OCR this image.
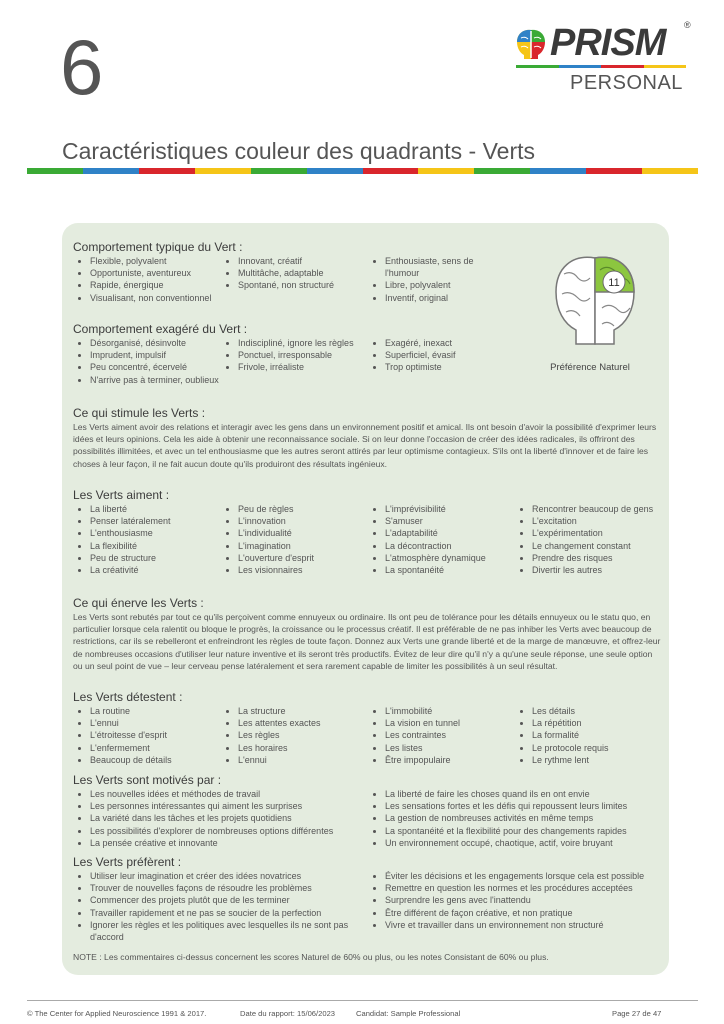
6	PRISM ®
PERSONAL
Caractéristiques couleur des quadrants - Verts
Comportement typique du Vert :
• Flexible, polyvalent
• Opportuniste, aventureux
• Rapide, énergique
• Visualisant, non conventionnel
• Innovant, créatif
• Multitâche, adaptable
• Spontané, non structuré
• Enthousiaste, sens de l'humour
• Libre, polyvalent
• Inventif, original
11
Préférence Naturel
Comportement exagéré du Vert :
• Désorganisé, désinvolte
• Imprudent, impulsif
• Peu concentré, écervelé
• N'arrive pas à terminer, oublieux
• Indiscipliné, ignore les règles
• Ponctuel, irresponsable
• Frivole, irréaliste
• Exagéré, inexact
• Superficiel, évasif
• Trop optimiste
Ce qui stimule les Verts :

Les Verts aiment avoir des relations et interagir avec les gens dans un environnement positif et amical. Ils ont besoin d'avoir la possibilité d'exprimer leurs idées et leurs opinions. Cela les aide à obtenir une reconnaissance sociale. Si on leur donne l'occasion de créer des idées radicales, ils offriront des possibilités illimitées, et avec un tel enthousiasme que les autres seront attirés par leur optimisme contagieux. S'ils ont la liberté d'innover et de faire les choses à leur façon, il ne fait aucun doute qu'ils produiront des résultats ingénieux.

Les Verts aiment :
• La liberté
• Penser latéralement
• L'enthousiasme
• La flexibilité
• Peu de structure
• La créativité
• Peu de règles
• L'innovation
• L'individualité
• L'imagination
• L'ouverture d'esprit
• Les visionnaires
• L'imprévisibilité
• S'amuser
• L'adaptabilité
• La décontraction
• L'atmosphère dynamique
• La spontanéité
• Rencontrer beaucoup de gens
• L'excitation
• L'expérimentation
• Le changement constant
• Prendre des risques
• Divertir les autres
Ce qui énerve les Verts :

Les Verts sont rebutés par tout ce qu'ils perçoivent comme ennuyeux ou ordinaire. Ils ont peu de tolérance pour les détails ennuyeux ou le statu quo, en particulier lorsque cela ralentit ou bloque le progrès, la croissance ou le processus créatif. Il est préférable de ne pas inhiber les Verts avec beaucoup de restrictions, car ils se rebelleront et enfreindront les règles de toute façon. Donnez aux Verts une grande liberté et de la marge de manœuvre, et offrez-leur de nombreuses occasions d'utiliser leur nature inventive et ils seront très productifs. Évitez de leur dire qu'il n'y a qu'une seule réponse, une seule option ou un seul point de vue – leur cerveau pense latéralement et sera rarement capable de limiter les possibilités à un seul résultat.

Les Verts détestent :
• La routine
• L'ennui
• L'étroitesse d'esprit
• L'enfermement
• Beaucoup de détails
• La structure
• Les attentes exactes
• Les règles
• Les horaires
• L'ennui
• L'immobilité
• La vision en tunnel
• Les contraintes
• Les listes
• Être impopulaire
• Les détails
• La répétition
• La formalité
• Le protocole requis
• Le rythme lent
Les Verts sont motivés par :
• Les nouvelles idées et méthodes de travail
• Les personnes intéressantes qui aiment les surprises
• La variété dans les tâches et les projets quotidiens
• Les possibilités d'explorer de nombreuses options différentes
• La pensée créative et innovante
• La liberté de faire les choses quand ils en ont envie
• Les sensations fortes et les défis qui repoussent leurs limites
• La gestion de nombreuses activités en même temps
• La spontanéité et la flexibilité pour des changements rapides
• Un environnement occupé, chaotique, actif, voire bruyant
Les Verts préfèrent :
• Utiliser leur imagination et créer des idées novatrices
• Trouver de nouvelles façons de résoudre les problèmes
• Commencer des projets plutôt que de les terminer
• Travailler rapidement et ne pas se soucier de la perfection
• Ignorer les règles et les politiques avec lesquelles ils ne sont pas d'accord
• Éviter les décisions et les engagements lorsque cela est possible
• Remettre en question les normes et les procédures acceptées
• Surprendre les gens avec l'inattendu
• Être différent de façon créative, et non pratique
• Vivre et travailler dans un environnement non structuré
NOTE : Les commentaires ci-dessus concernent les scores Naturel de 60% ou plus, ou les notes Consistant de 60% ou plus.
© The Center for Applied Neuroscience 1991 & 2017.	Date du rapport: 15/06/2023	Candidat: Sample Professional	Page 27 de 47
